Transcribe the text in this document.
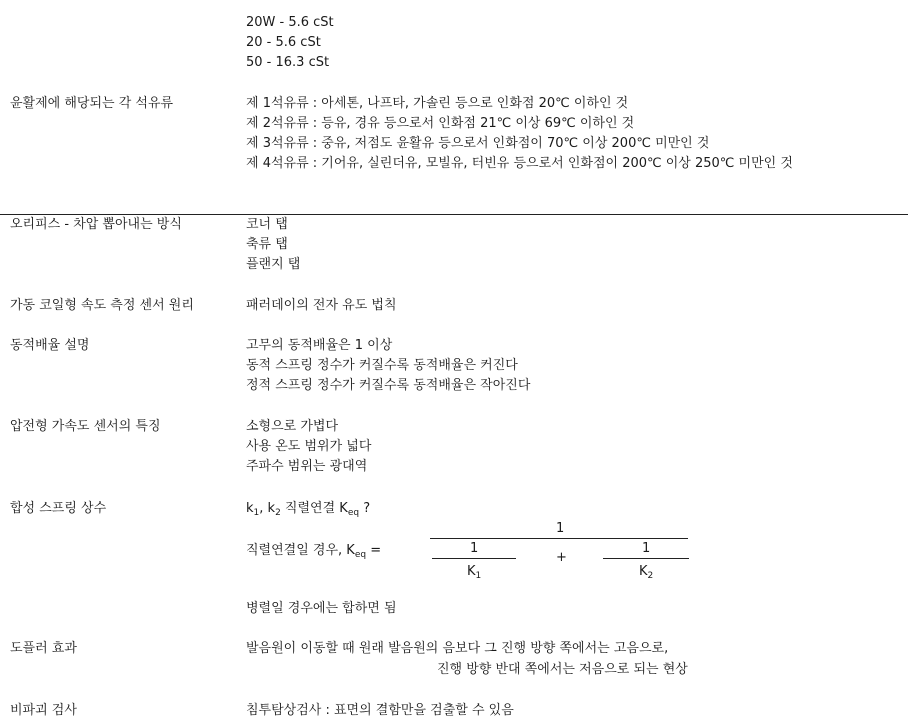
20W - 5.6 cSt
20 - 5.6 cSt
50 - 16.3 cSt
윤활제에 해당되는 각 석유류	제 1석유류 : 아세톤, 나프타, 가솔린 등으로 인화점 20℃ 이하인 것
제 2석유류 : 등유, 경유 등으로서 인화점 21℃ 이상 69℃ 이하인 것
제 3석유류 : 중유, 저점도 윤활유 등으로서 인화점이 70℃ 이상 200℃ 미만인 것
제 4석유류 : 기어유, 실린더유, 모빌유, 터빈유 등으로서 인화점이 200℃ 이상 250℃ 미만인 것
오리피스 - 차압 뽑아내는 방식	코너 탭
축류 탭
플랜지 탭
가동 코일형 속도 측정 센서 원리	패러데이의 전자 유도 법칙
동적배율 설명	고무의 동적배율은 1 이상
동적 스프링 정수가 커질수록 동적배율은 커진다
정적 스프링 정수가 커질수록 동적배율은 작아진다
압전형 가속도 센서의 특징	소형으로 가볍다
사용 온도 범위가 넓다
주파수 범위는 광대역
합성 스프링 상수	$k_1$, $k_2$ 직렬연결 $K_{eq}$ ?
1
직렬연결일 경우, $K_{eq}$ =	1
$K_1$
+
1
$K_2$
병렬일 경우에는 합하면 됨
도플러 효과	발음원이 이동할 때 원래 발음원의 음보다 그 진행 방향 쪽에서는 고음으로,
진행 방향 반대 쪽에서는 저음으로 되는 현상
비파괴 검사	침투탐상검사 : 표면의 결함만을 검출할 수 있음
